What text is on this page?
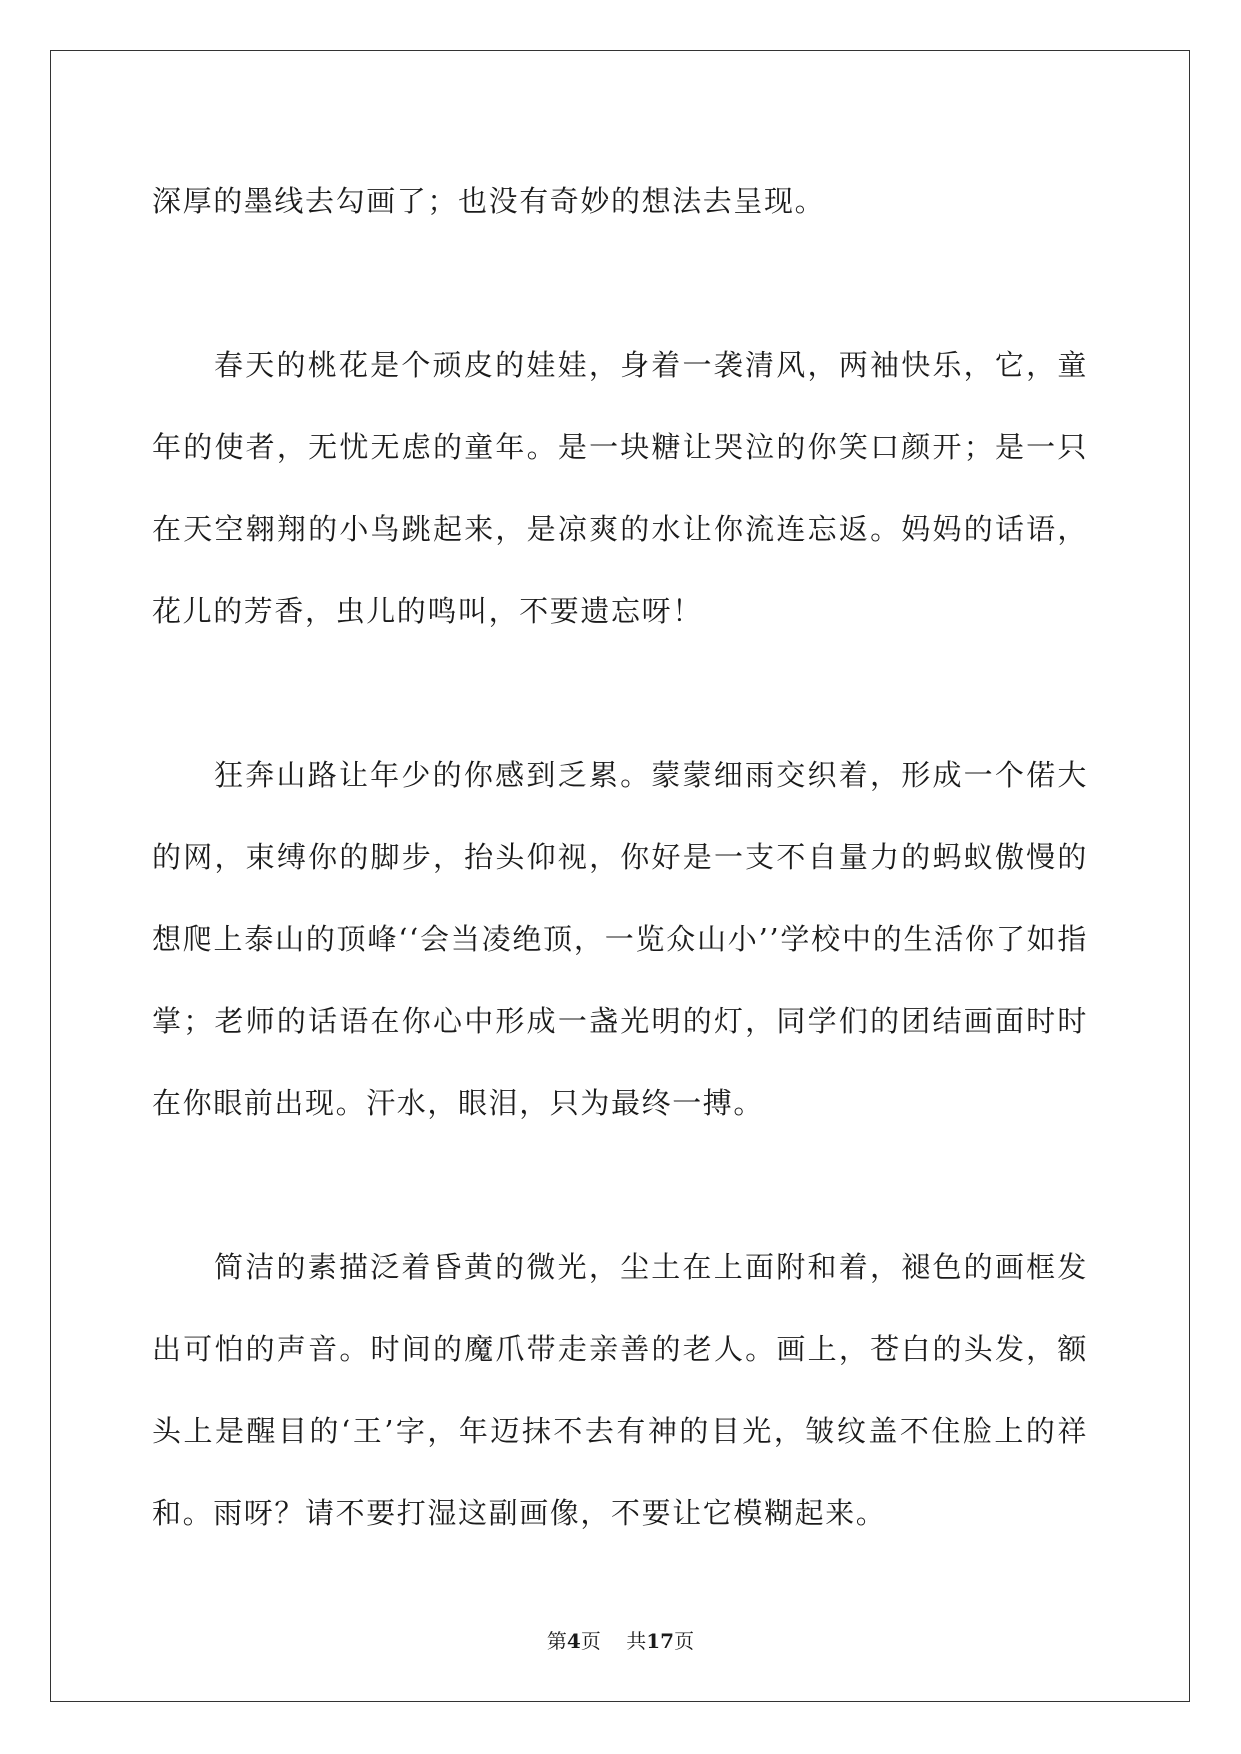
深厚的墨线去勾画了；也没有奇妙的想法去呈现。

春天的桃花是个顽皮的娃娃，身着一袭清风，两袖快乐，它，童年的使者，无忧无虑的童年。是一块糖让哭泣的你笑口颜开；是一只在天空翱翔的小鸟跳起来，是凉爽的水让你流连忘返。妈妈的话语，花儿的芳香，虫儿的鸣叫，不要遗忘呀！

狂奔山路让年少的你感到乏累。蒙蒙细雨交织着，形成一个偌大的网，束缚你的脚步，抬头仰视，你好是一支不自量力的蚂蚁傲慢的想爬上泰山的顶峰‘‘会当凌绝顶，一览众山小’’学校中的生活你了如指掌；老师的话语在你心中形成一盏光明的灯，同学们的团结画面时时在你眼前出现。汗水，眼泪，只为最终一搏。

简洁的素描泛着昏黄的微光，尘土在上面附和着，褪色的画框发出可怕的声音。时间的魔爪带走亲善的老人。画上，苍白的头发，额头上是醒目的‘王’字，年迈抹不去有神的目光，皱纹盖不住脸上的祥和。雨呀？请不要打湿这副画像，不要让它模糊起来。

第4页 共17页
